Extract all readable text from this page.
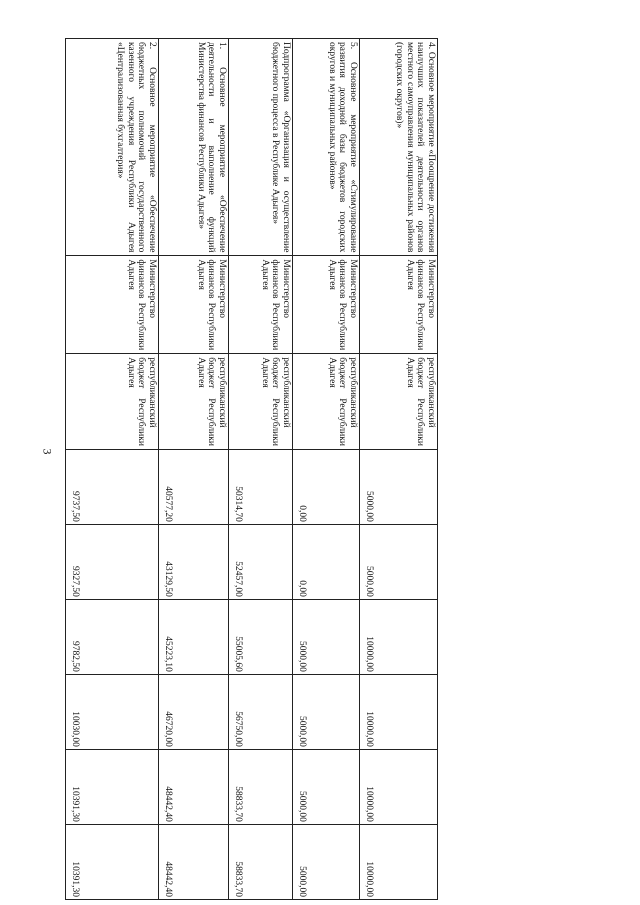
3
4. Основное мероприятие «Поощрение достижения наилучших показателей деятельности органов местного самоуправления муниципальных районов (городских округов)»	Министерство финансов Республики Адыгея	республиканский бюджет Республики Адыгея	5000,00	5000,00	10000,00	10000,00	10000,00	10000,00
5. Основное мероприятие «Стимулирование развития доходной базы бюджетов городских округов и муниципальных районов»	Министерство финансов Республики Адыгея	республиканский бюджет Республики Адыгея	0,00	0,00	5000,00	5000,00	5000,00	5000,00
Подпрограмма «Организация и осуществление бюджетного процесса в Республике Адыгея»	Министерство финансов Республики Адыгея	республиканский бюджет Республики Адыгея	50314,70	52457,00	55005,60	56750,00	58833,70	58833,70
1. Основное мероприятие «Обеспечение деятельности и выполнение функций Министерства финансов Республики Адыгея»	Министерство финансов Республики Адыгея	республиканский бюджет Республики Адыгея	40577,20	43129,50	45223,10	46720,00	48442,40	48442,40
2. Основное мероприятие «Обеспечение бюджетных полномочий государственного казенного учреждения Республики Адыгея «Централизованная бухгалтерия»	Министерство финансов Республики Адыгея	республиканский бюджет Республики Адыгея	9737,50	9327,50	9782,50	10030,00	10391,30	10391,30
